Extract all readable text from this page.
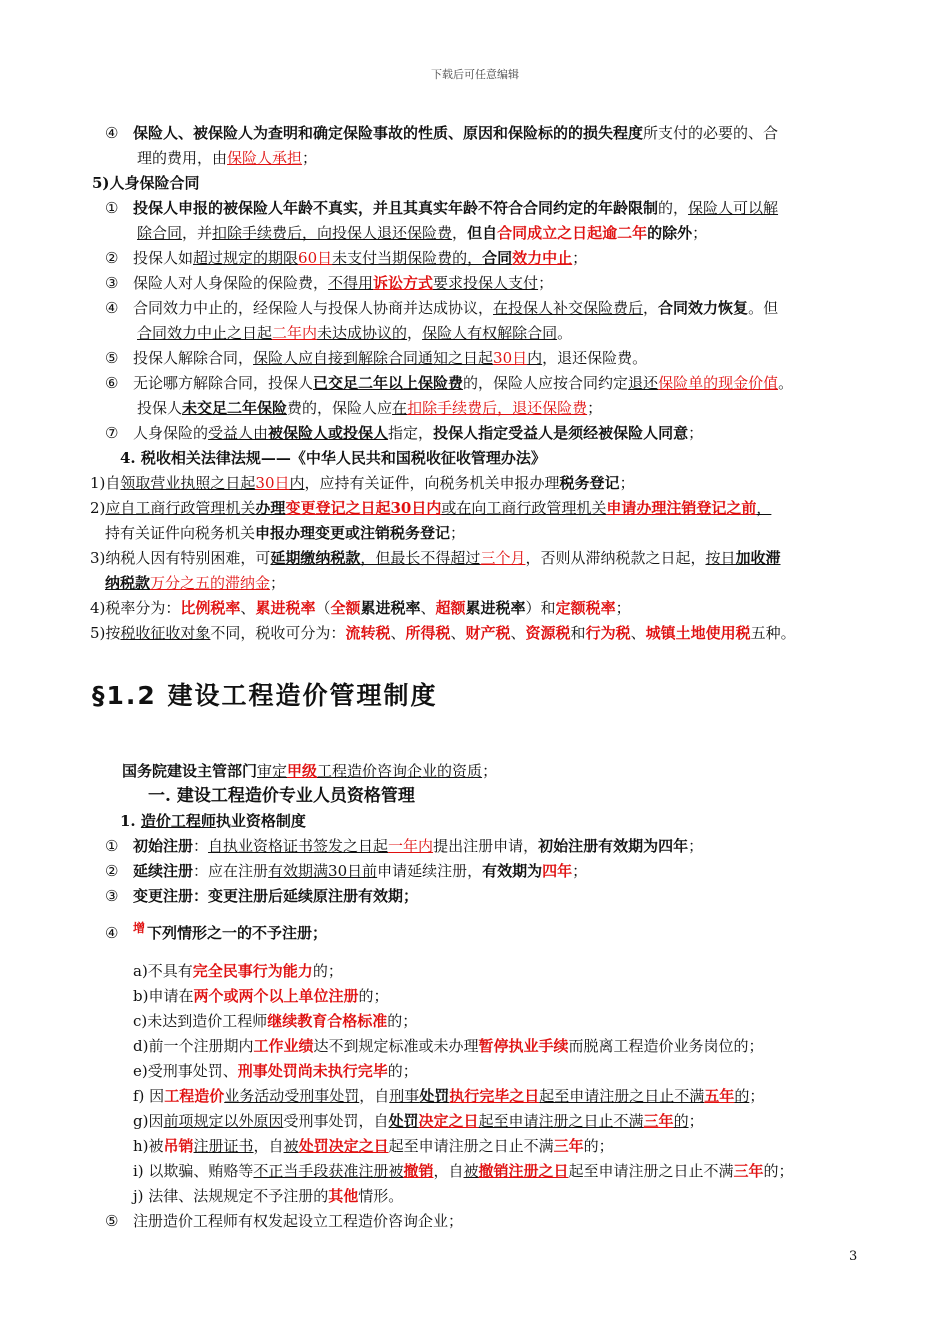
下载后可任意编辑
④ 保险人、被保险人为查明和确定保险事故的性质、原因和保险标的的损失程度所支付的必要的、合
理的费用，由保险人承担；
5)人身保险合同
① 投保人申报的被保险人年龄不真实，并且其真实年龄不符合合同约定的年龄限制的，保险人可以解
除合同，并扣除手续费后，向投保人退还保险费，但自合同成立之日起逾二年的除外；
② 投保人如超过规定的期限60日未支付当期保险费的，合同效力中止；
③ 保险人对人身保险的保险费，不得用诉讼方式要求投保人支付；
④ 合同效力中止的，经保险人与投保人协商并达成协议，在投保人补交保险费后，合同效力恢复。但
合同效力中止之日起二年内未达成协议的，保险人有权解除合同。
⑤ 投保人解除合同，保险人应自接到解除合同通知之日起30日内，退还保险费。
⑥ 无论哪方解除合同，投保人已交足二年以上保险费的，保险人应按合同约定退还保险单的现金价值。
投保人未交足二年保险费的，保险人应在扣除手续费后，退还保险费；
⑦ 人身保险的受益人由被保险人或投保人指定，投保人指定受益人是须经被保险人同意；
4. 税收相关法律法规——《中华人民共和国税收征收管理办法》
1)自领取营业执照之日起30日内，应持有关证件，向税务机关申报办理税务登记；
2)应自工商行政管理机关办理变更登记之日起30日内或在向工商行政管理机关申请办理注销登记之前，
持有关证件向税务机关申报办理变更或注销税务登记；
3)纳税人因有特别困难，可延期缴纳税款，但最长不得超过三个月，否则从滞纳税款之日起，按日加收滞
纳税款万分之五的滞纳金；
4)税率分为：比例税率、累进税率（全额累进税率、超额累进税率）和定额税率；
5)按税收征收对象不同，税收可分为：流转税、所得税、财产税、资源税和行为税、城镇土地使用税五种。
国务院建设主管部门审定甲级工程造价咨询企业的资质；
一. 建设工程造价专业人员资格管理
1. 造价工程师执业资格制度
① 初始注册：自执业资格证书签发之日起一年内提出注册申请，初始注册有效期为四年；
② 延续注册：应在注册有效期满30日前申请延续注册，有效期为四年；
③ 变更注册：变更注册后延续原注册有效期；
④ $^增$ 下列情形之一的不予注册；
a)不具有完全民事行为能力的；
b)申请在两个或两个以上单位注册的；
c)未达到造价工程师继续教育合格标准的；
d)前一个注册期内工作业绩达不到规定标准或未办理暂停执业手续而脱离工程造价业务岗位的；
e)受刑事处罚、刑事处罚尚未执行完毕的；
f) 因工程造价业务活动受刑事处罚，自刑事处罚执行完毕之日起至申请注册之日止不满五年的；
g)因前项规定以外原因受刑事处罚，自处罚决定之日起至申请注册之日止不满三年的；
h)被吊销注册证书，自被处罚决定之日起至申请注册之日止不满三年的；
i) 以欺骗、贿赂等不正当手段获准注册被撤销，自被撤销注册之日起至申请注册之日止不满三年的；
j) 法律、法规规定不予注册的其他情形。
⑤ 注册造价工程师有权发起设立工程造价咨询企业；
§1.2 建设工程造价管理制度
3
